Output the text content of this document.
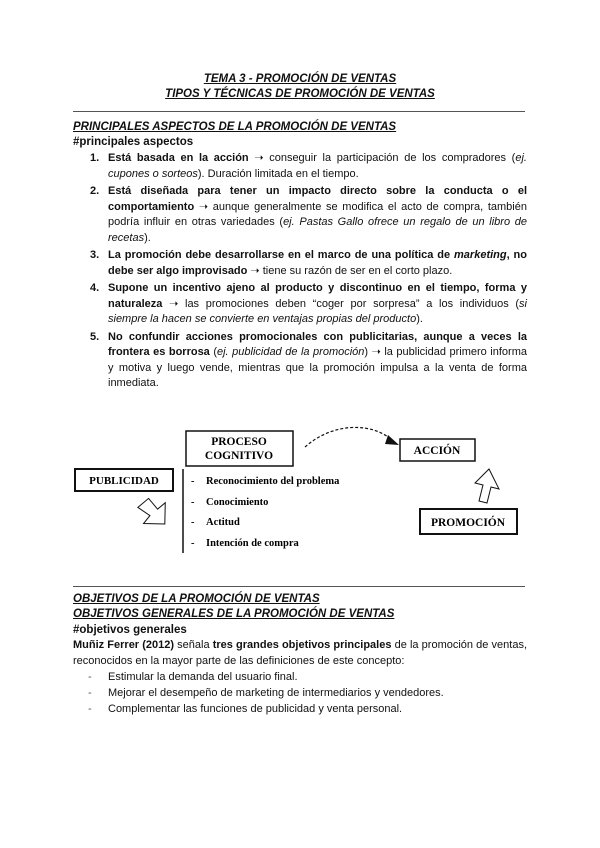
TEMA 3 - PROMOCIÓN DE VENTAS
TIPOS Y TÉCNICAS DE PROMOCIÓN DE VENTAS
PRINCIPALES ASPECTOS DE LA PROMOCIÓN DE VENTAS
#principales aspectos
1. Está basada en la acción ➝ conseguir la participación de los compradores (ej. cupones o sorteos). Duración limitada en el tiempo.
2. Está diseñada para tener un impacto directo sobre la conducta o el comportamiento ➝ aunque generalmente se modifica el acto de compra, también podría influir en otras variedades (ej. Pastas Gallo ofrece un regalo de un libro de recetas).
3. La promoción debe desarrollarse en el marco de una política de marketing, no debe ser algo improvisado ➝ tiene su razón de ser en el corto plazo.
4. Supone un incentivo ajeno al producto y discontinuo en el tiempo, forma y naturaleza ➝ las promociones deben “coger por sorpresa” a los individuos (si siempre la hacen se convierte en ventajas propias del producto).
5. No confundir acciones promocionales con publicitarias, aunque a veces la frontera es borrosa (ej. publicidad de la promoción) ➝ la publicidad primero informa y motiva y luego vende, mientras que la promoción impulsa a la venta de forma inmediata.
PROCESO
COGNITIVO	ACCIÓN
PUBLICIDAD	-
-
-
-
Reconocimiento del problema
Conocimiento
Actitud
Intención de compra
PROMOCIÓN
OBJETIVOS DE LA PROMOCIÓN DE VENTAS
OBJETIVOS GENERALES DE LA PROMOCIÓN DE VENTAS
#objetivos generales
Muñiz Ferrer (2012) señala tres grandes objetivos principales de la promoción de ventas, reconocidos en la mayor parte de las definiciones de este concepto:
- Estimular la demanda del usuario final.
- Mejorar el desempeño de marketing de intermediarios y vendedores.
- Complementar las funciones de publicidad y venta personal.
